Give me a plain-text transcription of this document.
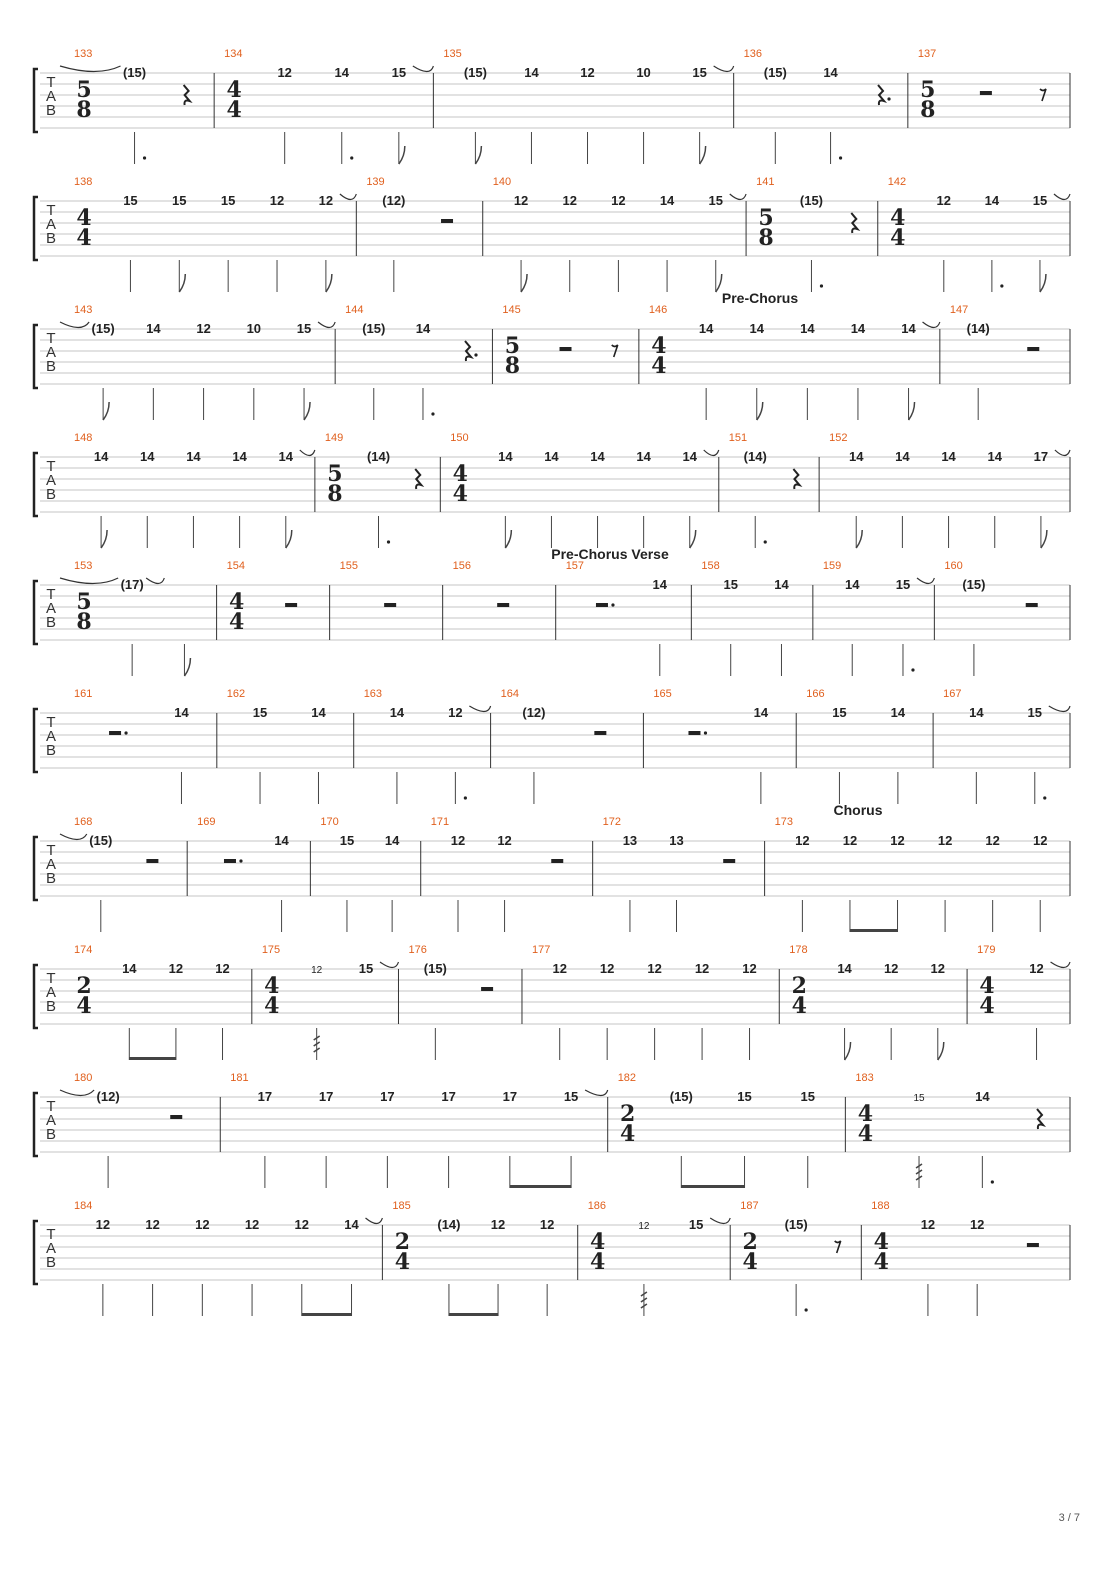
T
A
B
133
5
8
(15)
134
4
4
12	14	15
135
(15)	14	12	10	15
136
(15)	14
137
5
8
T
A
B
138
4
4
15	15	15	12	12
139
(12)
140
12	12	12	14	15
141
5
8
(15)
142
4
4
12	14	15
Pre-Chorus
T
A
B
143
(15) 14	12	10	15
144
(15) 14
145
5
8
146
4
4
14	14	14	14	14
147
(14)
T
A
B
148
14 14 14 14 14
149
5
8
(14)
150
4
4
14 14 14 14 14
151
(14)
152
14 14 14 14 17
Pre-Chorus Verse
T
A
B
153
5
8
(17)
154
4
4
155	156	157
14
158
15	14
159
14	15
160
(15)
T
A
B
161
14
162
15	14
163
14	12
164
(12)
165
14
166
15	14
167
14	15
Chorus
T
A
B
168
(15)
169
14
170
15 14
171
12 12
172
13 13
173
12	12	12	12	12	12
T
A
B
174
2
4
14 12 12
175
4
4
12	15
176
(15)
177
12	12	12	12	12
178
2
4
14 12 12
179
4
4
12
T
A
B
180
(12)
181
17	17	17	17	17	15
182
2
4
(15)	15	15
183
4
4
15	14
T
A
B
184
12	12	12	12	12	14
185
2
4
(14) 12	12
186
4
4
12	15
187
2
4
(15)
188
4
4
12	12
3 / 7
